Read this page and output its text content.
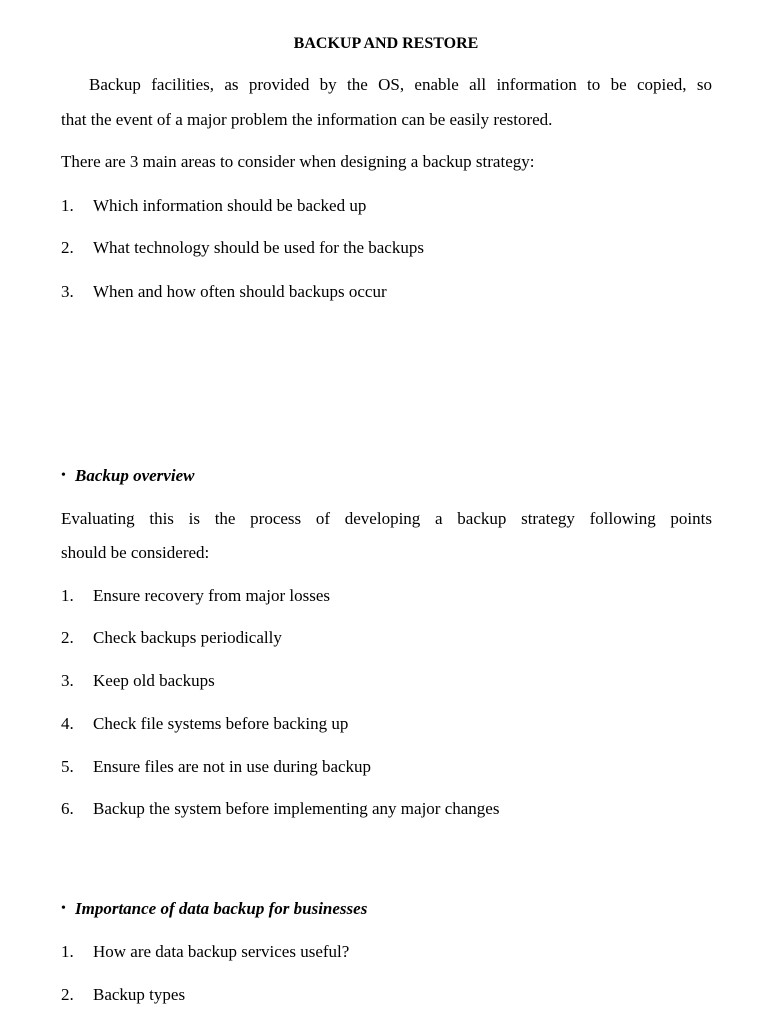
BACKUP AND RESTORE
Backup facilities, as provided by the OS, enable all information to be copied, so
that the event of a major problem the information can be easily restored.
There are 3 main areas to consider when designing a backup strategy:
1. Which information should be backed up
2. What technology should be used for the backups
3. When and how often should backups occur
• Backup overview
Evaluating this is the process of developing a backup strategy following points
should be considered:
1. Ensure recovery from major losses
2. Check backups periodically
3. Keep old backups
4. Check file systems before backing up
5. Ensure files are not in use during backup
6. Backup the system before implementing any major changes
• Importance of data backup for businesses
1. How are data backup services useful?
2. Backup types
